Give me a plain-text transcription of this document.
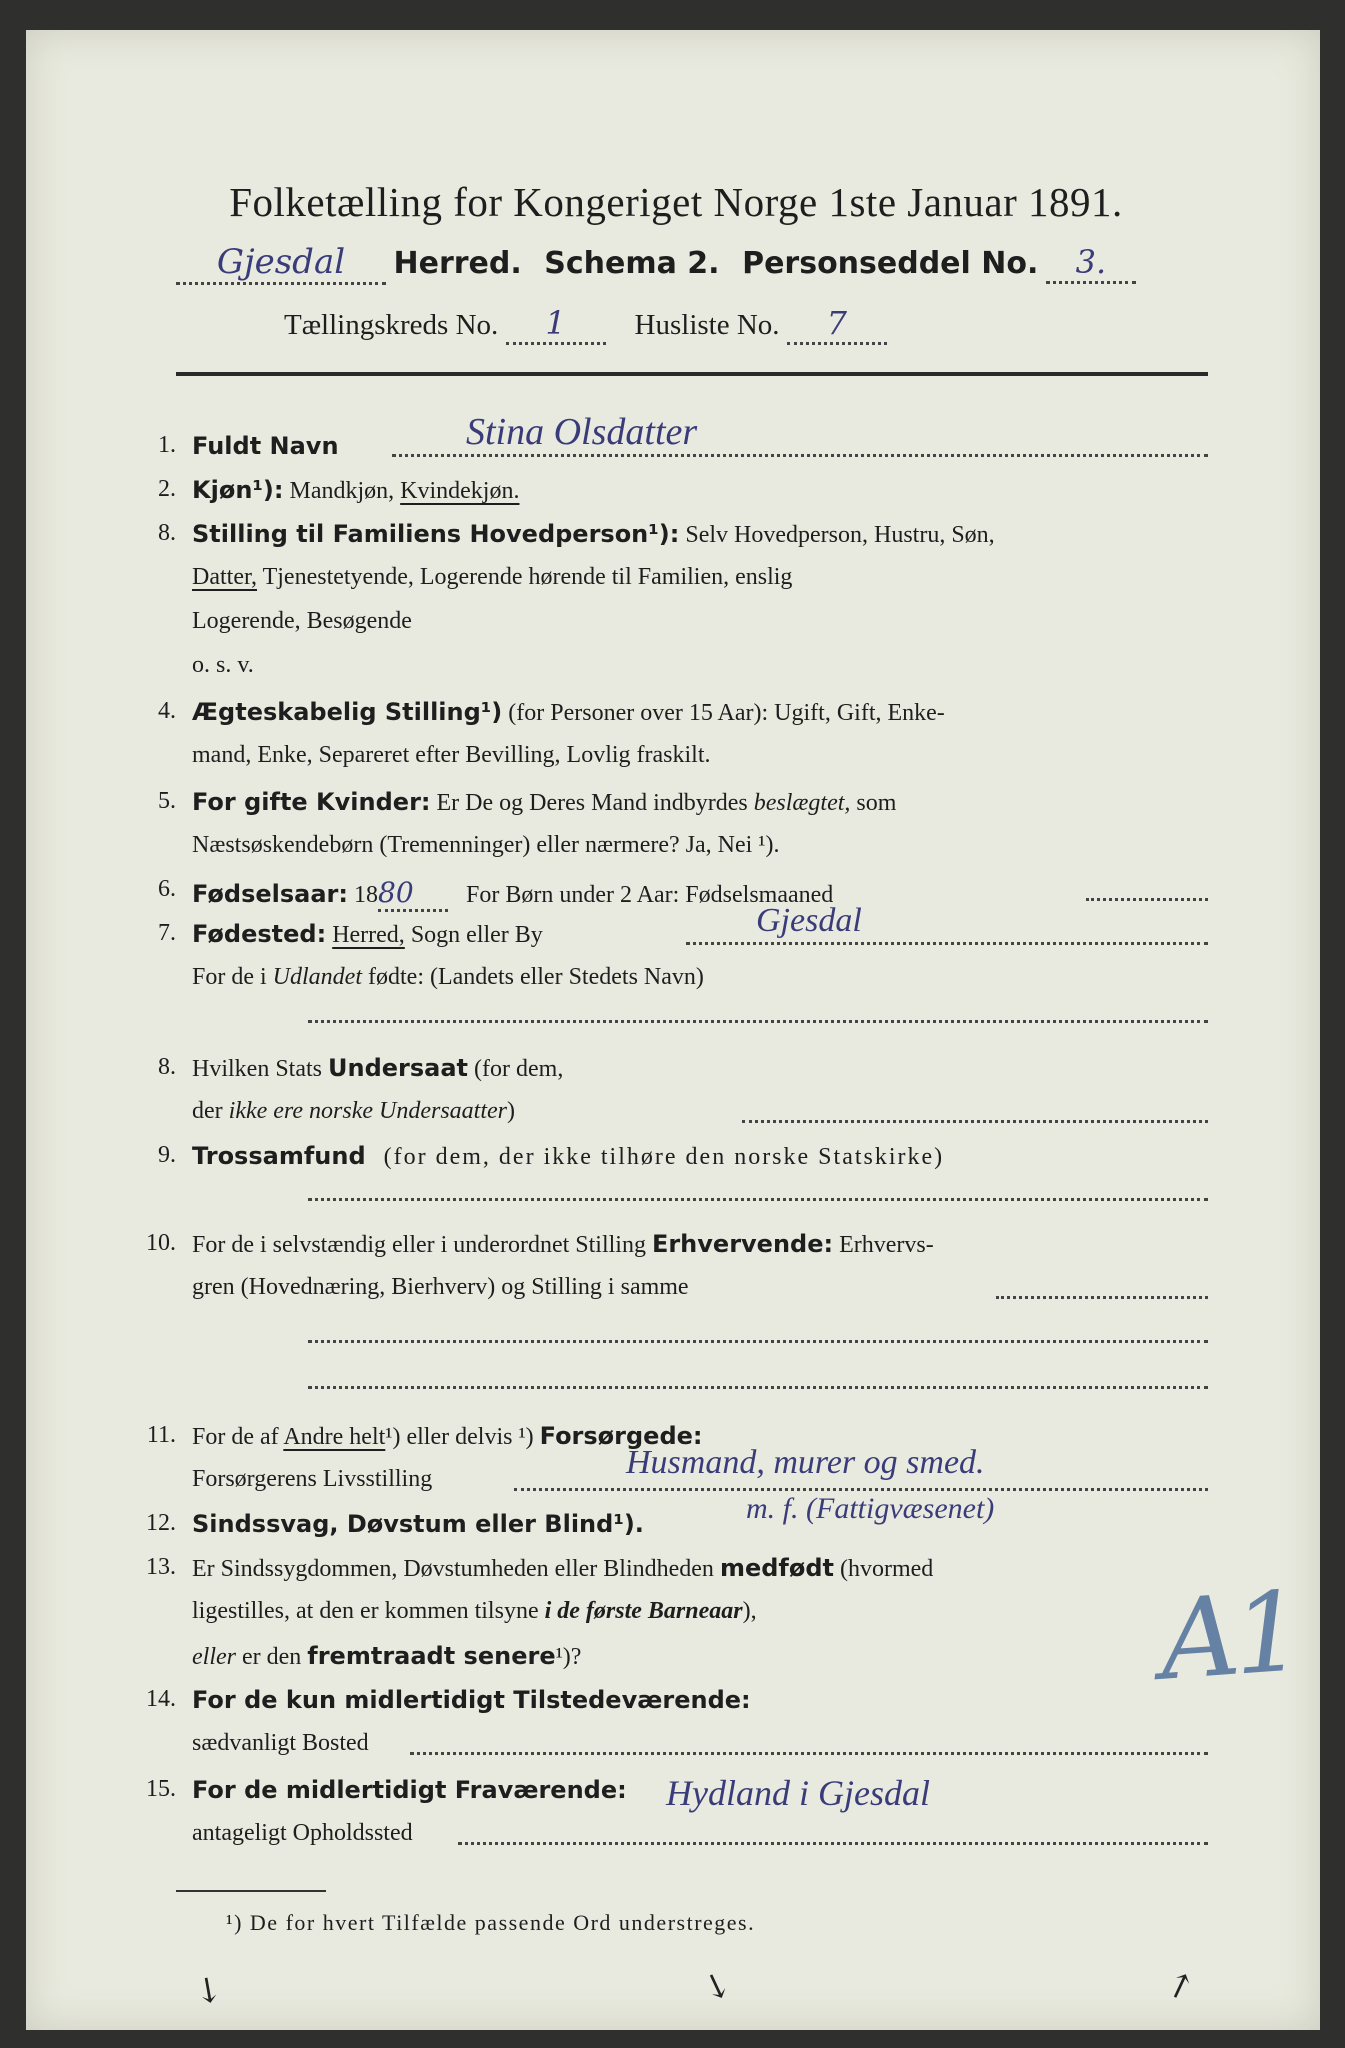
Folketælling for Kongeriget Norge 1ste Januar 1891.
Gjesdal Herred. Schema 2. Personseddel No. 3.
Tællingskreds No. 1 Husliste No. 7
1. Fuldt Navn	Stina Olsdatter
2. Kjøn¹): Mandkjøn, Kvindekjøn.
8. Stilling til Familiens Hovedperson¹): Selv Hovedperson, Hustru, Søn,
Datter, Tjenestetyende, Logerende hørende til Familien, enslig
Logerende, Besøgende
o. s. v.
4. Ægteskabelig Stilling¹) (for Personer over 15 Aar): Ugift, Gift, Enke-
mand, Enke, Separeret efter Bevilling, Lovlig fraskilt.
5. For gifte Kvinder: Er De og Deres Mand indbyrdes beslægtet, som
Næstsøskendebørn (Tremenninger) eller nærmere? Ja, Nei ¹).
6. Fødselsaar: 1880 For Børn under 2 Aar: Fødselsmaaned
7. Fødested: Herred, Sogn eller By	Gjesdal
For de i Udlandet fødte: (Landets eller Stedets Navn)
8. Hvilken Stats Undersaat (for dem,
der ikke ere norske Undersaatter)
9. Trossamfund (for dem, der ikke tilhøre den norske Statskirke)
10. For de i selvstændig eller i underordnet Stilling Erhvervende: Erhvervs-
gren (Hovednæring, Bierhverv) og Stilling i samme
11. For de af Andre helt¹) eller delvis ¹) Forsørgede:
Forsørgerens Livsstilling	Husmand, murer og smed.
12. Sindssvag, Døvstum eller Blind¹).	m. f. (Fattigvæsenet)
13. Er Sindssygdommen, Døvstumheden eller Blindheden medfødt (hvormed
ligestilles, at den er kommen tilsyne i de første Barneaar),
eller er den fremtraadt senere¹)?
14. For de kun midlertidigt Tilstedeværende:
sædvanligt Bosted
15. For de midlertidigt Fraværende:
antageligt Opholdssted
Hydland i Gjesdal
¹) De for hvert Tilfælde passende Ord understreges.
A1
↘	↘	↗
